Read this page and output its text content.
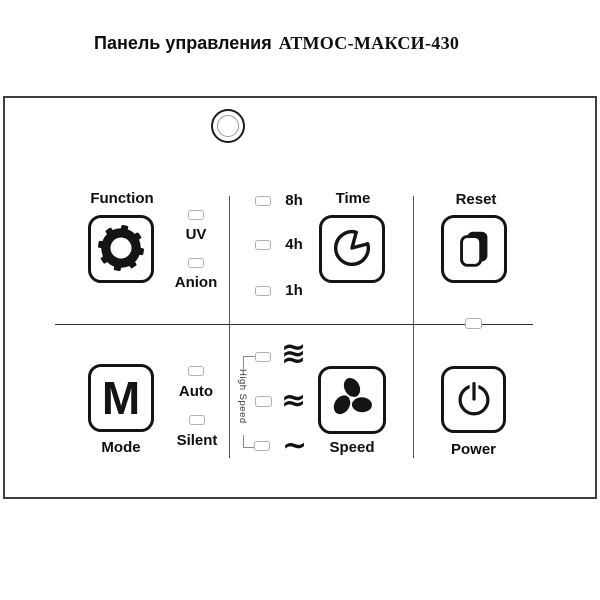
Панель управления АТМОС-МАКСИ-430
Function
UV
Anion
8h
4h
1h
Time	Reset
M
Mode
Auto
Silent
High Speed
≋
≈
∼	Speed	Power
